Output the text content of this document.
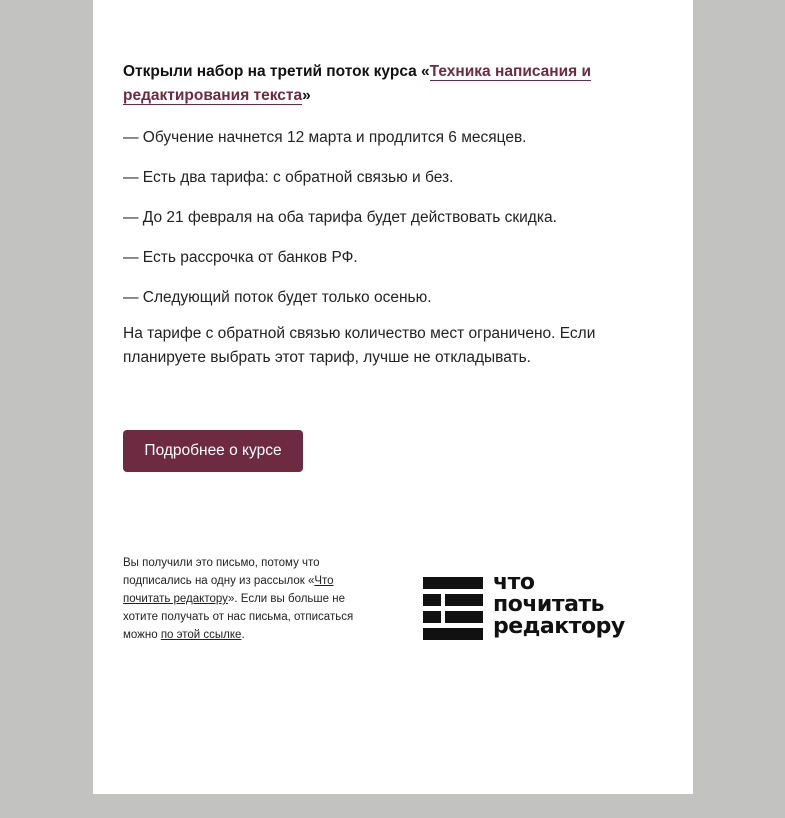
Открыли набор на третий поток курса «Техника написания и редактирования текста»

— Обучение начнется 12 марта и продлится 6 месяцев.

— Есть два тарифа: с обратной связью и без.

— До 21 февраля на оба тарифа будет действовать скидка.

— Есть рассрочка от банков РФ.

— Следующий поток будет только осенью.

На тарифе с обратной связью количество мест ограничено. Если планируете выбрать этот тариф, лучше не откладывать.

Подробнее о курсе
Вы получили это письмо, потому что подписались на одну из рассылок «Что почитать редактору». Если вы больше не хотите получать от нас письма, отписаться можно по этой ссылке.
что
почитать
редактору
